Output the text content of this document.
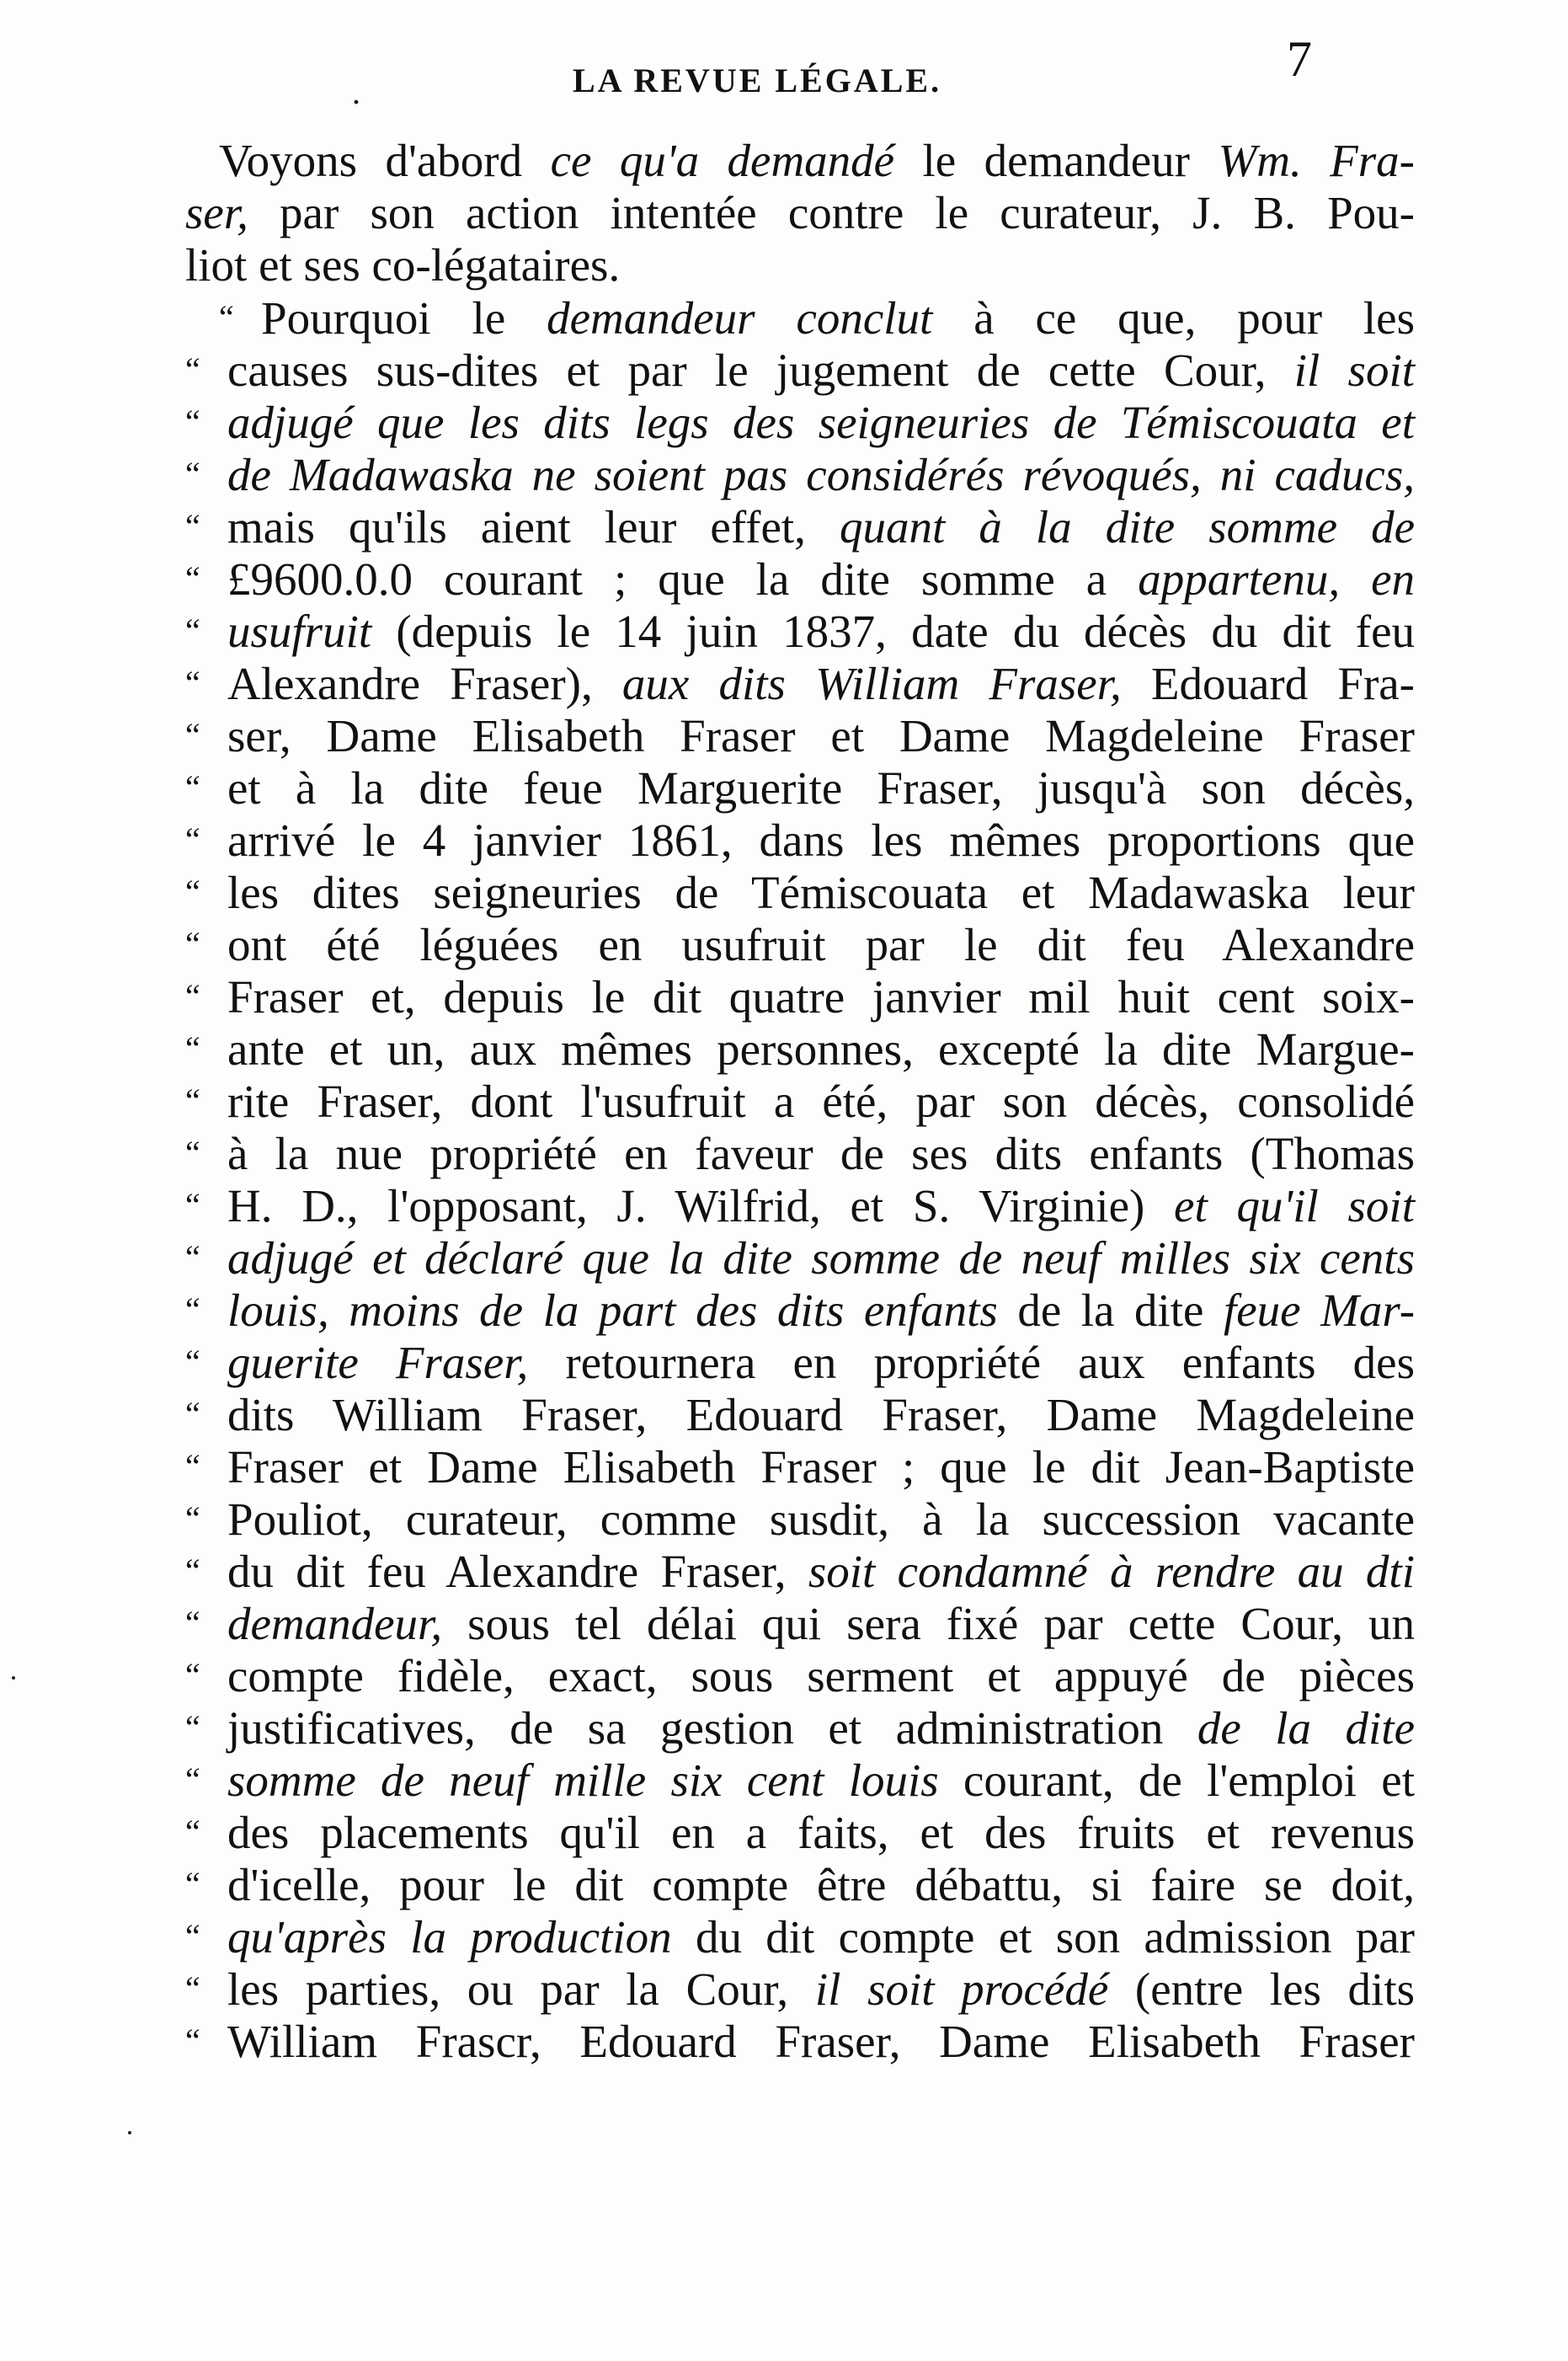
.	LA REVUE LÉGALE.	7
Voyons d'abord ce qu'a demandé le demandeur Wm. Fra-
ser, par son action intentée contre le curateur, J. B. Pou-
liot et ses co-légataires.
“ Pourquoi le demandeur conclut à ce que, pour les
“ causes sus-dites et par le jugement de cette Cour, il soit
“ adjugé que les dits legs des seigneuries de Témiscouata et
“ de Madawaska ne soient pas considérés révoqués, ni caducs,
“ mais qu'ils aient leur effet, quant à la dite somme de
“ £9600.0.0 courant ; que la dite somme a appartenu, en
“ usufruit (depuis le 14 juin 1837, date du décès du dit feu
“ Alexandre Fraser), aux dits William Fraser, Edouard Fra-
“ ser, Dame Elisabeth Fraser et Dame Magdeleine Fraser
“ et à la dite feue Marguerite Fraser, jusqu'à son décès,
“ arrivé le 4 janvier 1861, dans les mêmes proportions que
“ les dites seigneuries de Témiscouata et Madawaska leur
“ ont été léguées en usufruit par le dit feu Alexandre
“ Fraser et, depuis le dit quatre janvier mil huit cent soix-
“ ante et un, aux mêmes personnes, excepté la dite Margue-
“ rite Fraser, dont l'usufruit a été, par son décès, consolidé
“ à la nue propriété en faveur de ses dits enfants (Thomas
“ H. D., l'opposant, J. Wilfrid, et S. Virginie) et qu'il soit
“ adjugé et déclaré que la dite somme de neuf milles six cents
“ louis, moins de la part des dits enfants de la dite feue Mar-
“ guerite Fraser, retournera en propriété aux enfants des
“ dits William Fraser, Edouard Fraser, Dame Magdeleine
“ Fraser et Dame Elisabeth Fraser ; que le dit Jean-Baptiste
“ Pouliot, curateur, comme susdit, à la succession vacante
“ du dit feu Alexandre Fraser, soit condamné à rendre au dti
“ demandeur, sous tel délai qui sera fixé par cette Cour, un
“ compte fidèle, exact, sous serment et appuyé de pièces
“ justificatives, de sa gestion et administration de la dite
“ somme de neuf mille six cent louis courant, de l'emploi et
“ des placements qu'il en a faits, et des fruits et revenus
“ d'icelle, pour le dit compte être débattu, si faire se doit,
“ qu'après la production du dit compte et son admission par
“ les parties, ou par la Cour, il soit procédé (entre les dits
“ William Frascr, Edouard Fraser, Dame Elisabeth Fraser
